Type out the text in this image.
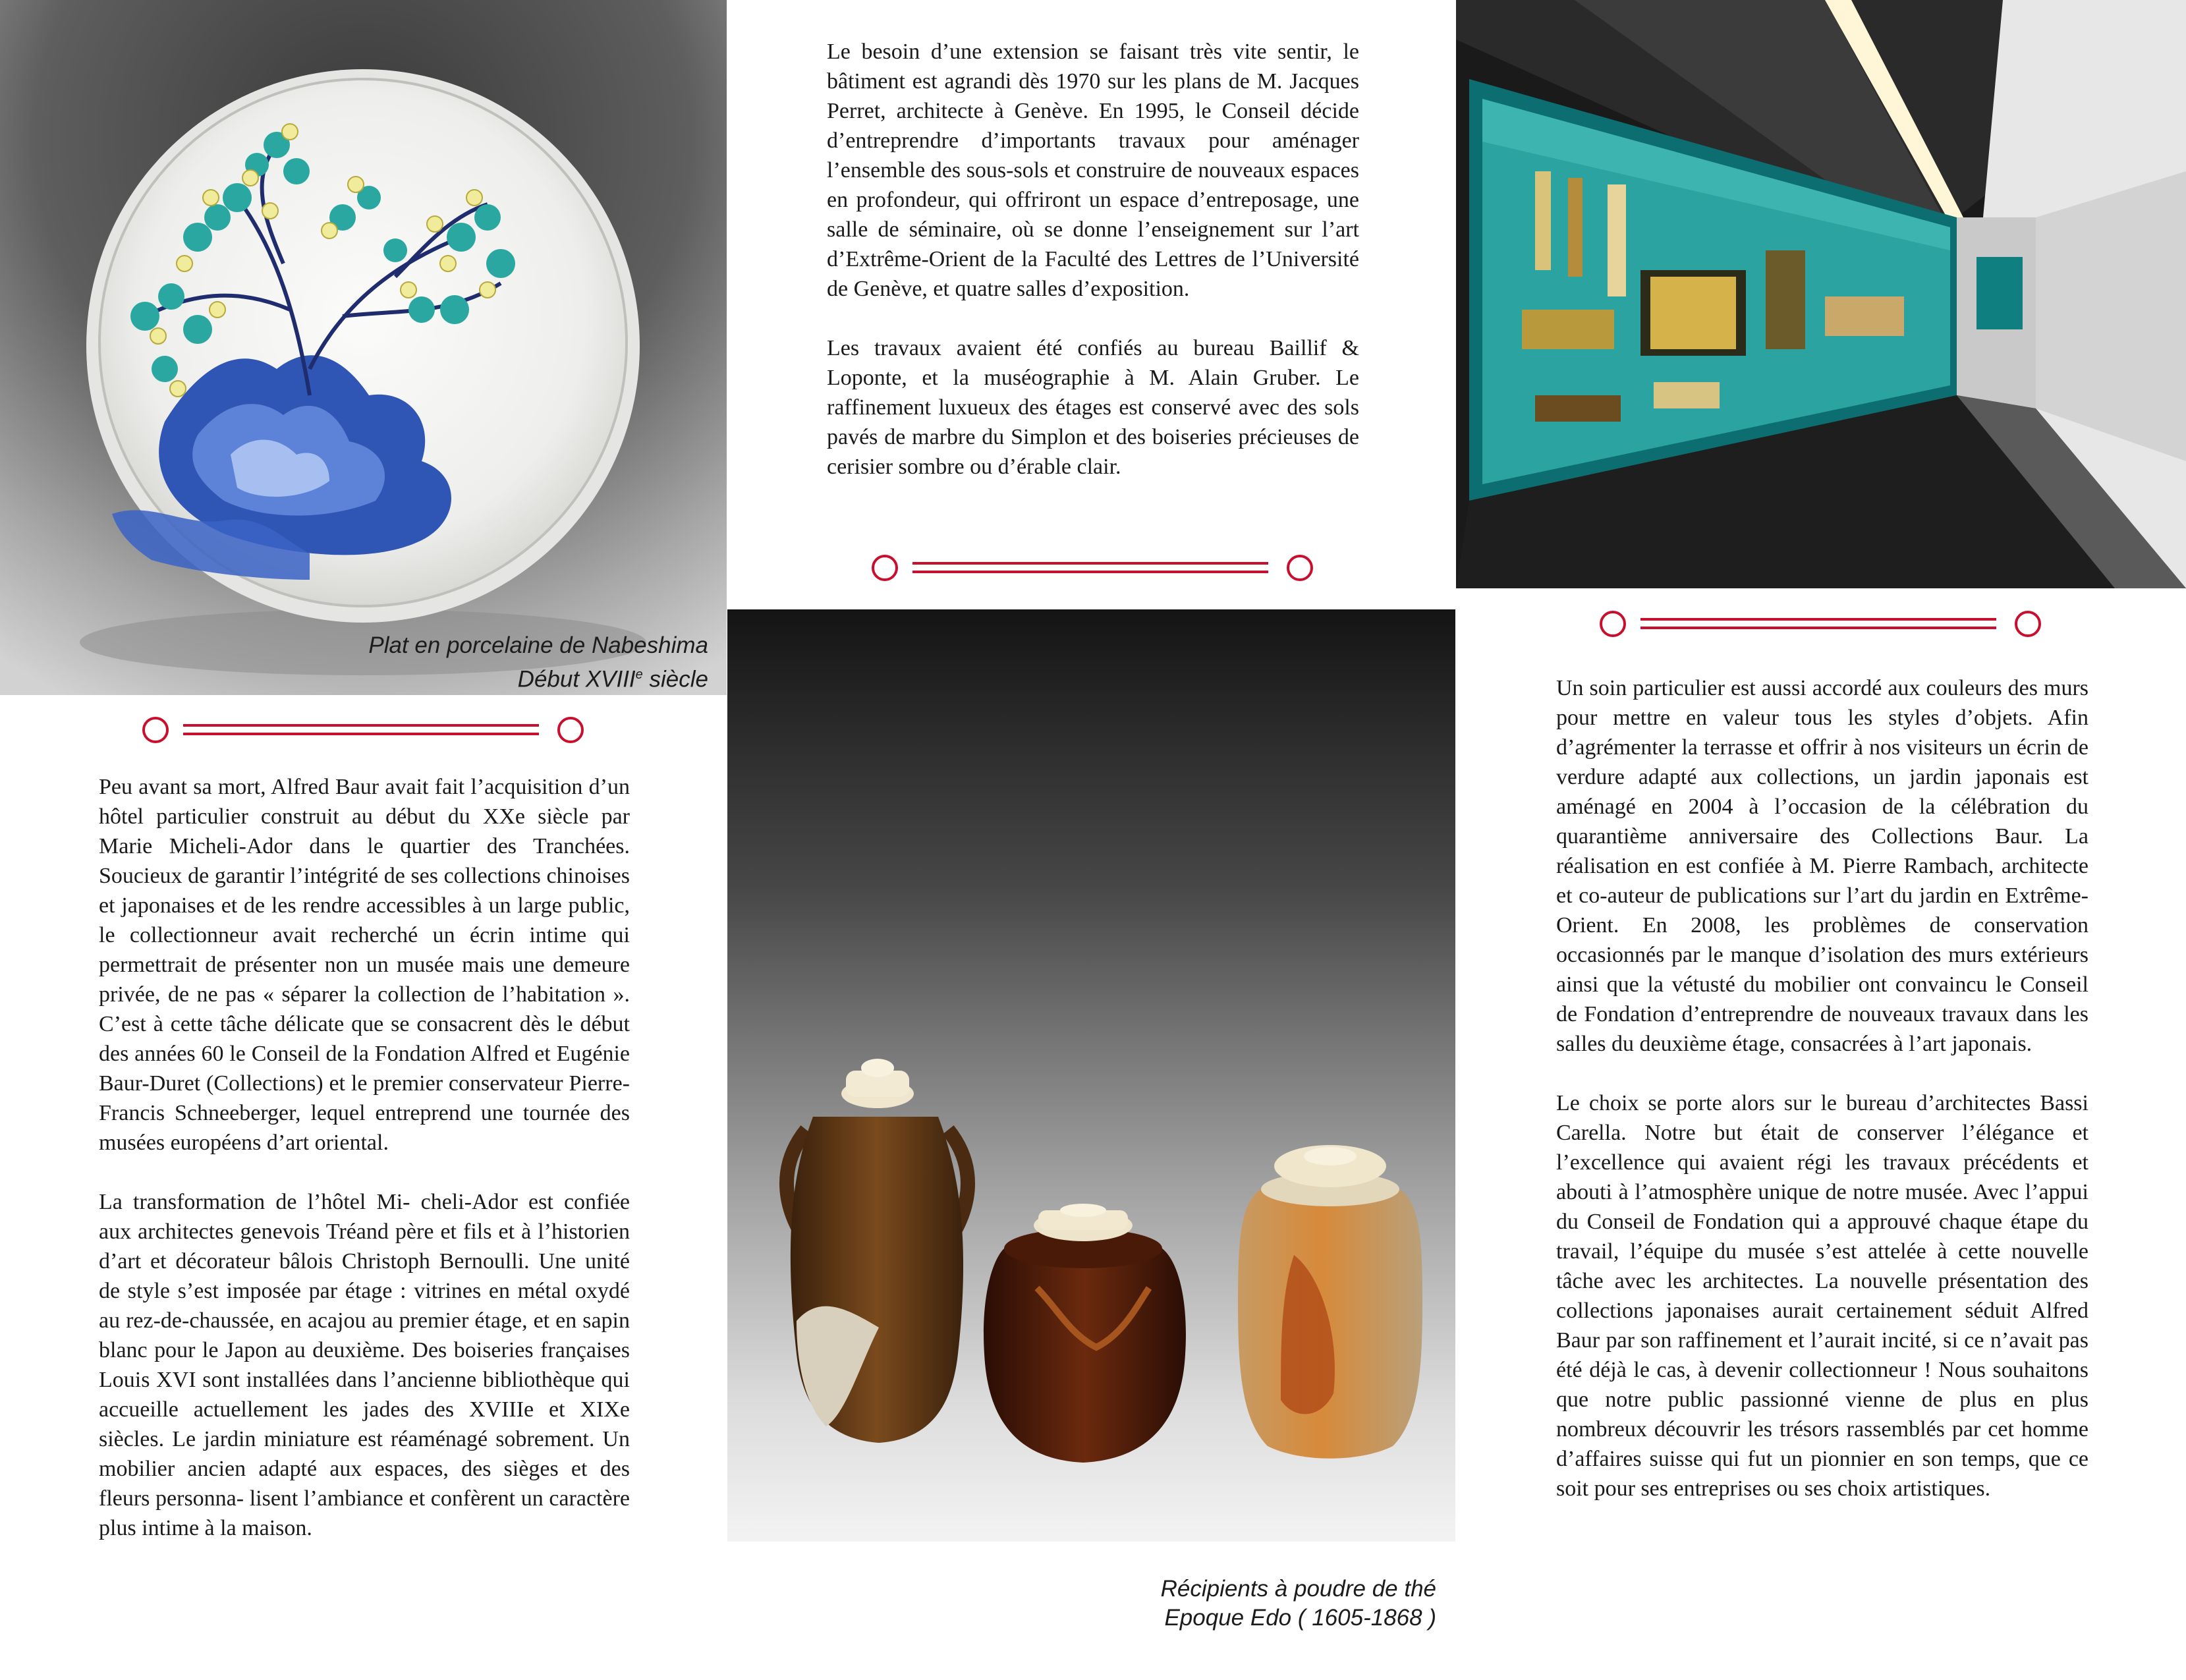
Plat en porcelaine de Nabeshima
Début XVIIIe siècle

Le besoin d’une extension se faisant très vite sentir, le bâtiment est agrandi dès 1970 sur les plans de M. Jacques Perret, architecte à Genève. En 1995, le Conseil décide d’entreprendre d’importants travaux pour aménager l’ensemble des sous-sols et construire de nouveaux espaces en profondeur, qui offriront un espace d’entreposage, une salle de séminaire, où se donne l’enseignement sur l’art d’Extrême-Orient de la Faculté des Lettres de l’Université de Genève, et quatre salles d’exposition.

Les travaux avaient été confiés au bureau Baillif & Loponte, et la muséographie à M. Alain Gruber. Le raffinement luxueux des étages est conservé avec des sols pavés de marbre du Simplon et des boiseries précieuses de cerisier sombre ou d’érable clair.

Peu avant sa mort, Alfred Baur avait fait l’acquisition d’un hôtel particulier construit au début du XXe siècle par Marie Micheli-Ador dans le quartier des Tranchées. Soucieux de garantir l’intégrité de ses collections chinoises et japonaises et de les rendre accessibles à un large public, le collectionneur avait recherché un écrin intime qui permettrait de présenter non un musée mais une demeure privée, de ne pas « séparer la collection de l’habitation ». C’est à cette tâche délicate que se consacrent dès le début des années 60 le Conseil de la Fondation Alfred et Eugénie Baur-Duret (Collections) et le premier conservateur Pierre-Francis Schneeberger, lequel entreprend une tournée des musées européens d’art oriental.

La transformation de l’hôtel Mi- cheli-Ador est confiée aux architectes genevois Tréand père et fils et à l’historien d’art et décorateur bâlois Christoph Bernoulli. Une unité de style s’est imposée par étage : vitrines en métal oxydé au rez-de-chaussée, en acajou au premier étage, et en sapin blanc pour le Japon au deuxième. Des boiseries françaises Louis XVI sont installées dans l’ancienne bibliothèque qui accueille actuellement les jades des XVIIIe et XIXe siècles. Le jardin miniature est réaménagé sobrement. Un mobilier ancien adapté aux espaces, des sièges et des fleurs personna- lisent l’ambiance et confèrent un caractère plus intime à la maison.

Récipients à poudre de thé
Epoque Edo ( 1605-1868 )

Un soin particulier est aussi accordé aux couleurs des murs pour mettre en valeur tous les styles d’objets. Afin d’agrémenter la terrasse et offrir à nos visiteurs un écrin de verdure adapté aux collections, un jardin japonais est aménagé en 2004 à l’occasion de la célébration du quarantième anniversaire des Collections Baur. La réalisation en est confiée à M. Pierre Rambach, architecte et co-auteur de publications sur l’art du jardin en Extrême-Orient. En 2008, les problèmes de conservation occasionnés par le manque d’isolation des murs extérieurs ainsi que la vétusté du mobilier ont convaincu le Conseil de Fondation d’entreprendre de nouveaux travaux dans les salles du deuxième étage, consacrées à l’art japonais.

Le choix se porte alors sur le bureau d’architectes Bassi Carella. Notre but était de conserver l’élégance et l’excellence qui avaient régi les travaux précédents et abouti à l’atmosphère unique de notre musée. Avec l’appui du Conseil de Fondation qui a approuvé chaque étape du travail, l’équipe du musée s’est attelée à cette nouvelle tâche avec les architectes. La nouvelle présentation des collections japonaises aurait certainement séduit Alfred Baur par son raffinement et l’aurait incité, si ce n’avait pas été déjà le cas, à devenir collectionneur ! Nous souhaitons que notre public passionné vienne de plus en plus nombreux découvrir les trésors rassemblés par cet homme d’affaires suisse qui fut un pionnier en son temps, que ce soit pour ses entreprises ou ses choix artistiques.
